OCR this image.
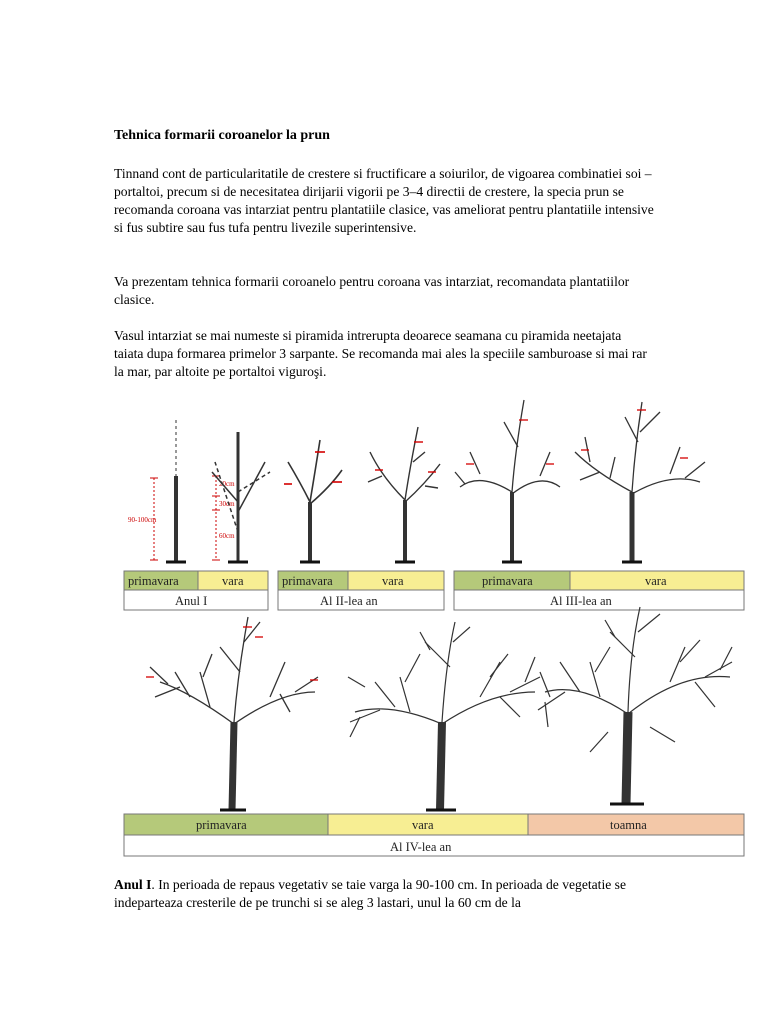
Tehnica formarii coroanelor la prun
Tinnand cont de particularitatile de crestere si fructificare a soiurilor, de vigoarea combinatiei soi – portaltoi, precum si de necesitatea dirijarii vigorii pe 3–4 directii de crestere, la specia prun se recomanda coroana vas intarziat pentru plantatiile clasice, vas ameliorat pentru plantatiile intensive si fus subtire sau fus tufa pentru livezile superintensive.
Va prezentam tehnica formarii coroanelo pentru coroana vas intarziat, recomandata plantatiilor clasice.
Vasul intarziat se mai numeste si piramida intrerupta deoarece seamana cu piramida neetajata taiata dupa formarea primelor 3 sarpante. Se recomanda mai ales la speciile samburoase si mai rar la mar, par altoite pe portaltoi viguroşi.
90-100cm
20cm
30cm
60cm
primavara	vara
Anul I
primavara	vara
Al II-lea an
primavara	vara
Al III-lea an
primavara	vara	toamna
Al IV-lea an
Anul I. In perioada de repaus vegetativ se taie varga la 90-100 cm. In perioada de vegetatie se indeparteaza cresterile de pe trunchi si se aleg 3 lastari, unul la 60 cm de la
